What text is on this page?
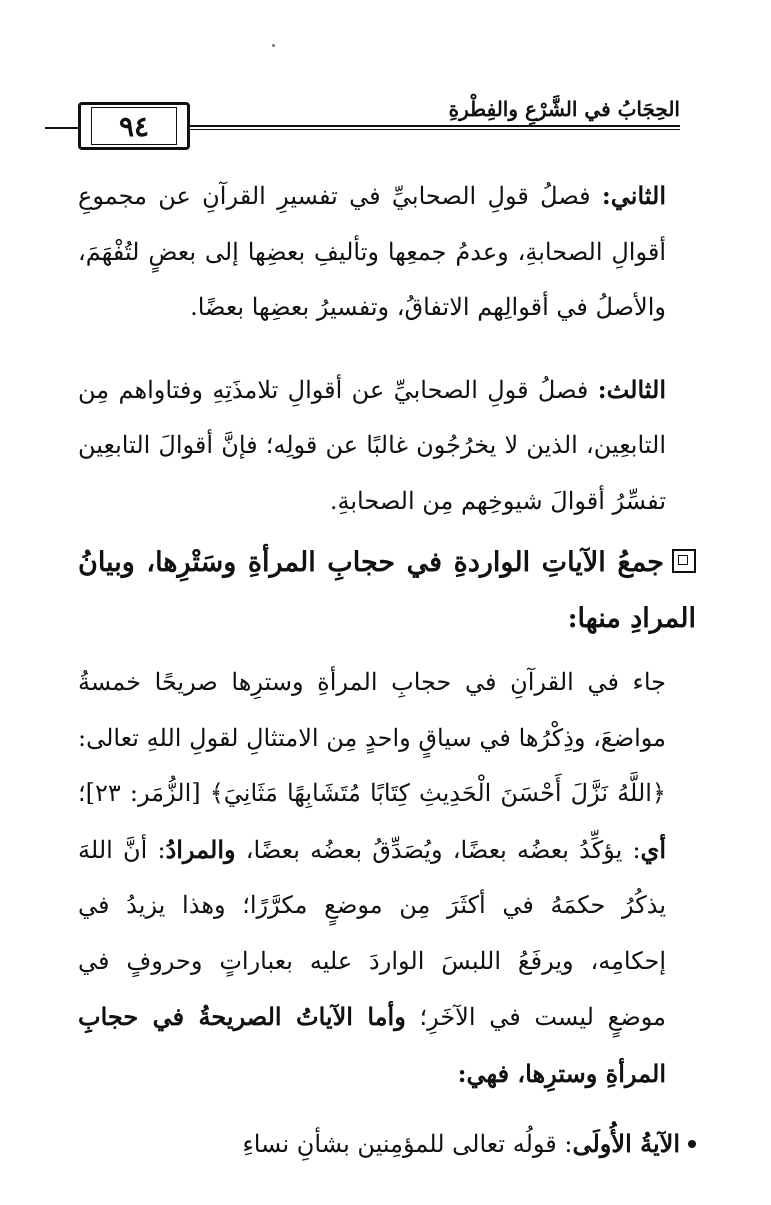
٩٤
الحِجَابُ في الشَّرْعِ والفِطْرةِ

الثاني: فصلُ قولِ الصحابيِّ في تفسيرِ القرآنِ عن مجموعِ أقوالِ الصحابةِ، وعدمُ جمعِها وتأليفِ بعضِها إلى بعضٍ لتُفْهَمَ، والأصلُ في أقوالِهم الاتفاقُ، وتفسيرُ بعضِها بعضًا.

الثالث: فصلُ قولِ الصحابيِّ عن أقوالِ تلامذَتِهِ وفتاواهم مِن التابعِين، الذين لا يخرُجُون غالبًا عن قولِه؛ فإنَّ أقوالَ التابعِين تفسِّرُ أقوالَ شيوخِهم مِن الصحابةِ.

جمعُ الآياتِ الواردةِ في حجابِ المرأةِ وسَتْرِها، وبيانُ المرادِ منها:

جاء في القرآنِ في حجابِ المرأةِ وسترِها صريحًا خمسةُ مواضعَ، وذِكْرُها في سياقٍ واحدٍ مِن الامتثالِ لقولِ اللهِ تعالى: ﴿اللَّهُ نَزَّلَ أَحْسَنَ الْحَدِيثِ كِتَابًا مُتَشَابِهًا مَثَانِيَ﴾ [الزُّمَر: ٢٣]؛ أي: يؤكِّدُ بعضُه بعضًا، ويُصَدِّقُ بعضُه بعضًا، والمرادُ: أنَّ اللهَ يذكُرُ حكمَهُ في أكثَرَ مِن موضعٍ مكرَّرًا؛ وهذا يزيدُ في إحكامِه، ويرفَعُ اللبسَ الواردَ عليه بعباراتٍ وحروفٍ في موضعٍ ليست في الآخَرِ؛ وأما الآياتُ الصريحةُ في حجابِ المرأةِ وسترِها، فهي:

الآيةُ الأُولَى: قولُه تعالى للمؤمِنين بشأنِ نساءِ
